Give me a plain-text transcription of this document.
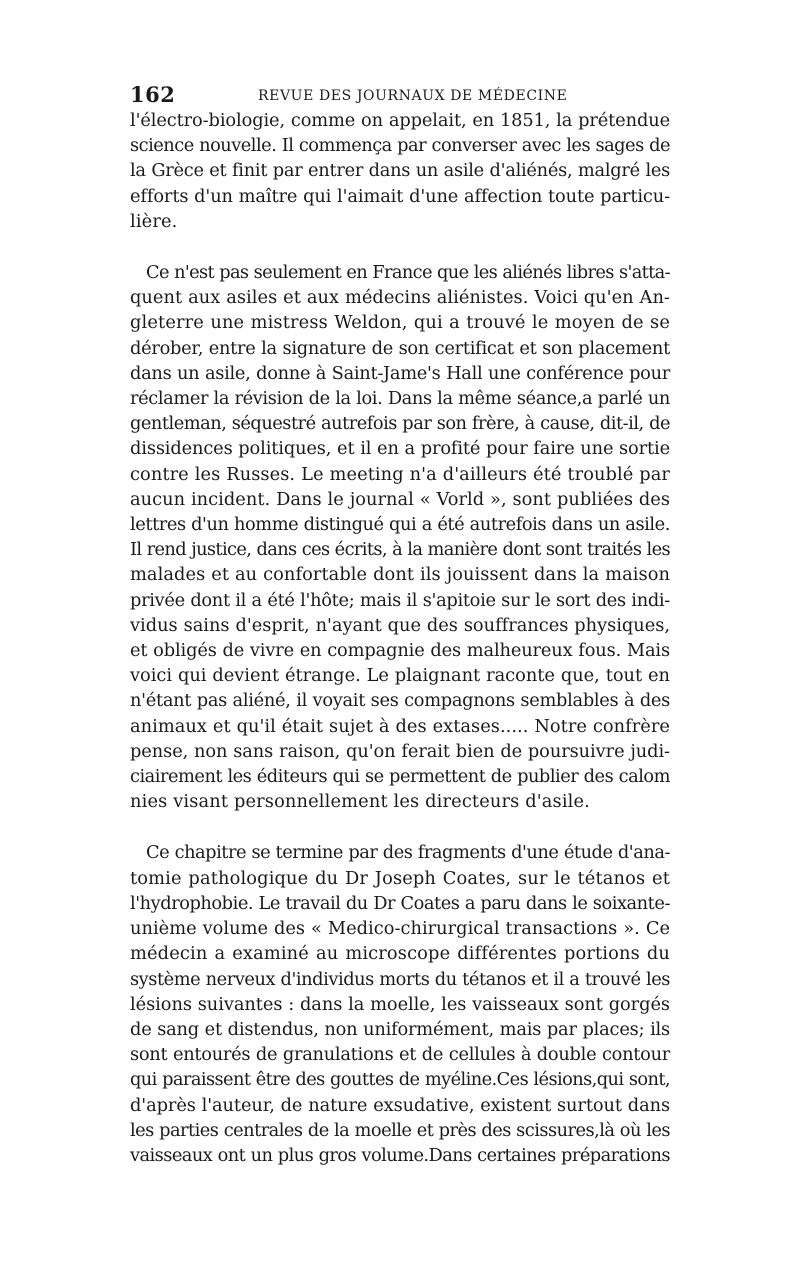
162	REVUE DES JOURNAUX DE MÉDECINE
l'électro-biologie, comme on appelait, en 1851, la prétendue
science nouvelle. Il commença par converser avec les sages de
la Grèce et finit par entrer dans un asile d'aliénés, malgré les
efforts d'un maître qui l'aimait d'une affection toute particu-
lière.
Ce n'est pas seulement en France que les aliénés libres s'atta-
quent aux asiles et aux médecins aliénistes. Voici qu'en An-
gleterre une mistress Weldon, qui a trouvé le moyen de se
dérober, entre la signature de son certificat et son placement
dans un asile, donne à Saint-Jame's Hall une conférence pour
réclamer la révision de la loi. Dans la même séance,a parlé un
gentleman, séquestré autrefois par son frère, à cause, dit-il, de
dissidences politiques, et il en a profité pour faire une sortie
contre les Russes. Le meeting n'a d'ailleurs été troublé par
aucun incident. Dans le journal « Vorld », sont publiées des
lettres d'un homme distingué qui a été autrefois dans un asile.
Il rend justice, dans ces écrits, à la manière dont sont traités les
malades et au confortable dont ils jouissent dans la maison
privée dont il a été l'hôte; mais il s'apitoie sur le sort des indi-
vidus sains d'esprit, n'ayant que des souffrances physiques,
et obligés de vivre en compagnie des malheureux fous. Mais
voici qui devient étrange. Le plaignant raconte que, tout en
n'étant pas aliéné, il voyait ses compagnons semblables à des
animaux et qu'il était sujet à des extases..... Notre confrère
pense, non sans raison, qu'on ferait bien de poursuivre judi-
ciairement les éditeurs qui se permettent de publier des calom
nies visant personnellement les directeurs d'asile.
Ce chapitre se termine par des fragments d'une étude d'ana-
tomie pathologique du Dr Joseph Coates, sur le tétanos et
l'hydrophobie. Le travail du Dr Coates a paru dans le soixante-
unième volume des « Medico-chirurgical transactions ». Ce
médecin a examiné au microscope différentes portions du
système nerveux d'individus morts du tétanos et il a trouvé les
lésions suivantes : dans la moelle, les vaisseaux sont gorgés
de sang et distendus, non uniformément, mais par places; ils
sont entourés de granulations et de cellules à double contour
qui paraissent être des gouttes de myéline.Ces lésions,qui sont,
d'après l'auteur, de nature exsudative, existent surtout dans
les parties centrales de la moelle et près des scissures,là où les
vaisseaux ont un plus gros volume.Dans certaines préparations
